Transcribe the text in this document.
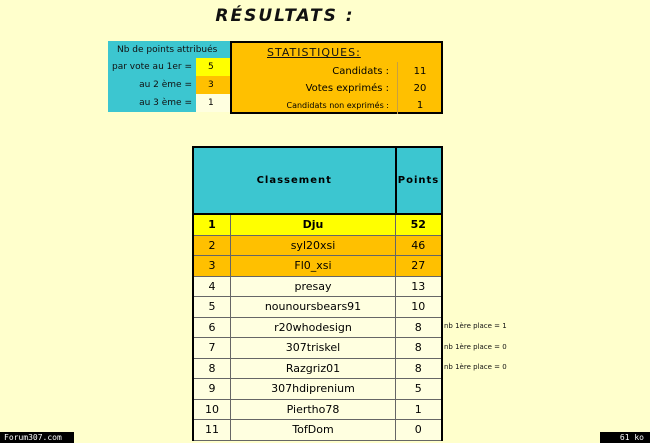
RÉSULTATS :
Nb de points attribués	
par vote au 1er =	5
au 2 ème =	3
au 3 ème =	1
STATISTIQUES:
Candidats :	11
Votes exprimés :	20
Candidats non exprimés :	1
Classement		Points
1	Dju	52
2	syl20xsi	46
3	Fl0_xsi	27
4	presay	13
5	nounoursbears91	10
6	r20whodesign	8
7	307triskel	8
8	Razgriz01	8
9	307hdiprenium	5
10	Piertho78	1
11	TofDom	0
nb 1ère place = 1
nb 1ère place = 0
nb 1ère place = 0
Forum307.com	61 ko
